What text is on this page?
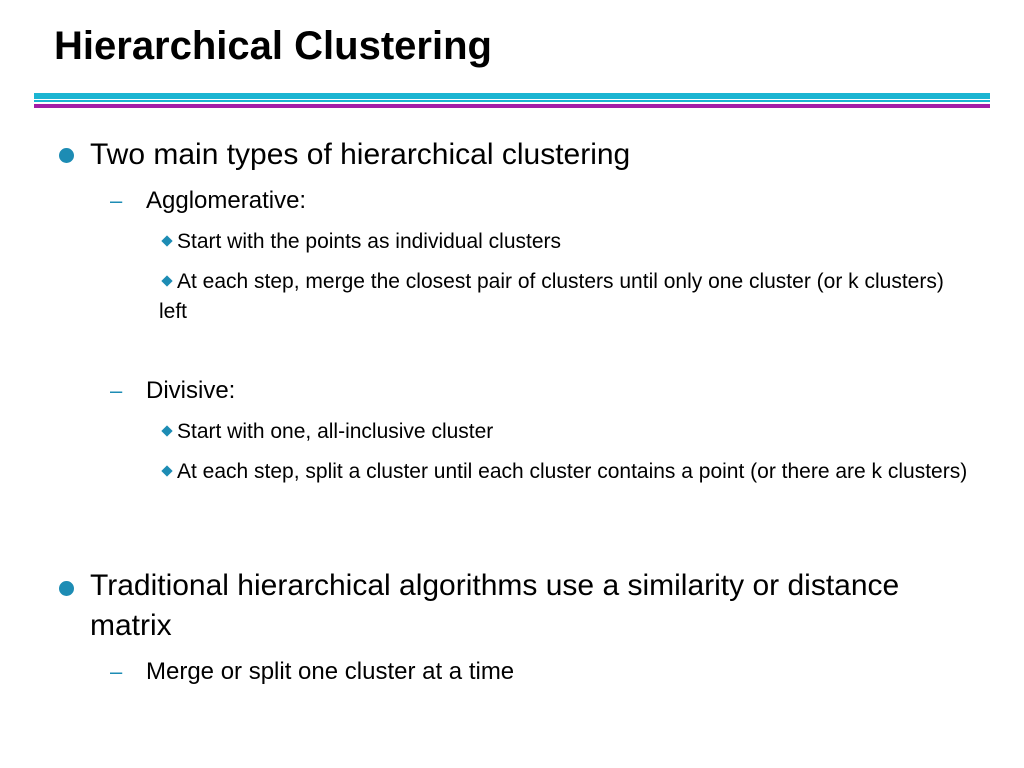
Hierarchical Clustering

Two main types of hierarchical clustering

– Agglomerative:

Start with the points as individual clusters

At each step, merge the closest pair of clusters until only one cluster (or k clusters) left

– Divisive:

Start with one, all-inclusive cluster

At each step, split a cluster until each cluster contains a point (or there are k clusters)

Traditional hierarchical algorithms use a similarity or distance matrix

– Merge or split one cluster at a time
